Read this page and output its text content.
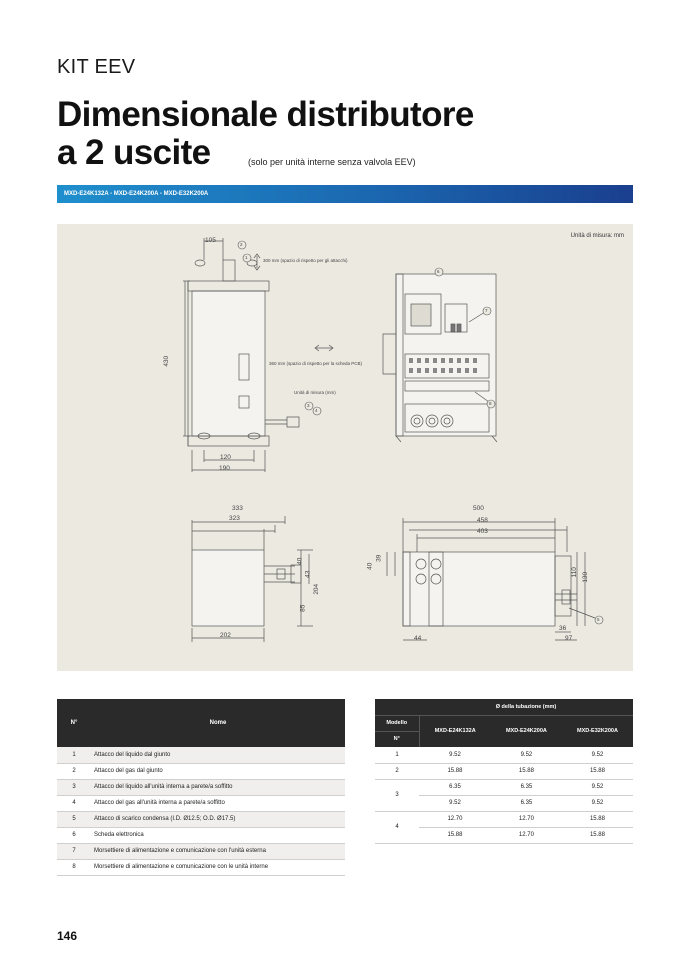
KIT EEV
Dimensionale distributore
a 2 uscite	(solo per unità interne senza valvola EEV)
MXD-E24K132A - MXD-E24K200A - MXD-E32K200A
Unità di misura: mm
2
1
3
4
5
6
7
8
300 mm (spazio di rispetto per gli attacchi)
360 mm (spazio di rispetto per la scheda PCB)
Unità di misura (mm)
105
430
120
190
333
323
40
43
204
85
202
500
458
403
40
39
110 130
36
97
44
N°	Nome
1	Attacco del liquido dal giunto
2	Attacco del gas dal giunto
3	Attacco del liquido all'unità interna a parete/a soffitto
4	Attacco del gas all'unità interna a parete/a soffitto
5	Attacco di scarico condensa (I.D. Ø12.5; O.D. Ø17.5)
6	Scheda elettronica
7	Morsettiere di alimentazione e comunicazione con l'unità esterna
8	Morsettiere di alimentazione e comunicazione con le unità interne
	Ø della tubazione (mm)		
Modello	MXD-E24K132A	MXD-E24K200A	MXD-E32K200A
N°			
1	9.52	9.52	9.52
2	15.88	15.88	15.88
3	6.35	6.35	9.52
	9.52	6.35	9.52
4	12.70	12.70	15.88
	15.88	12.70	15.88
146
